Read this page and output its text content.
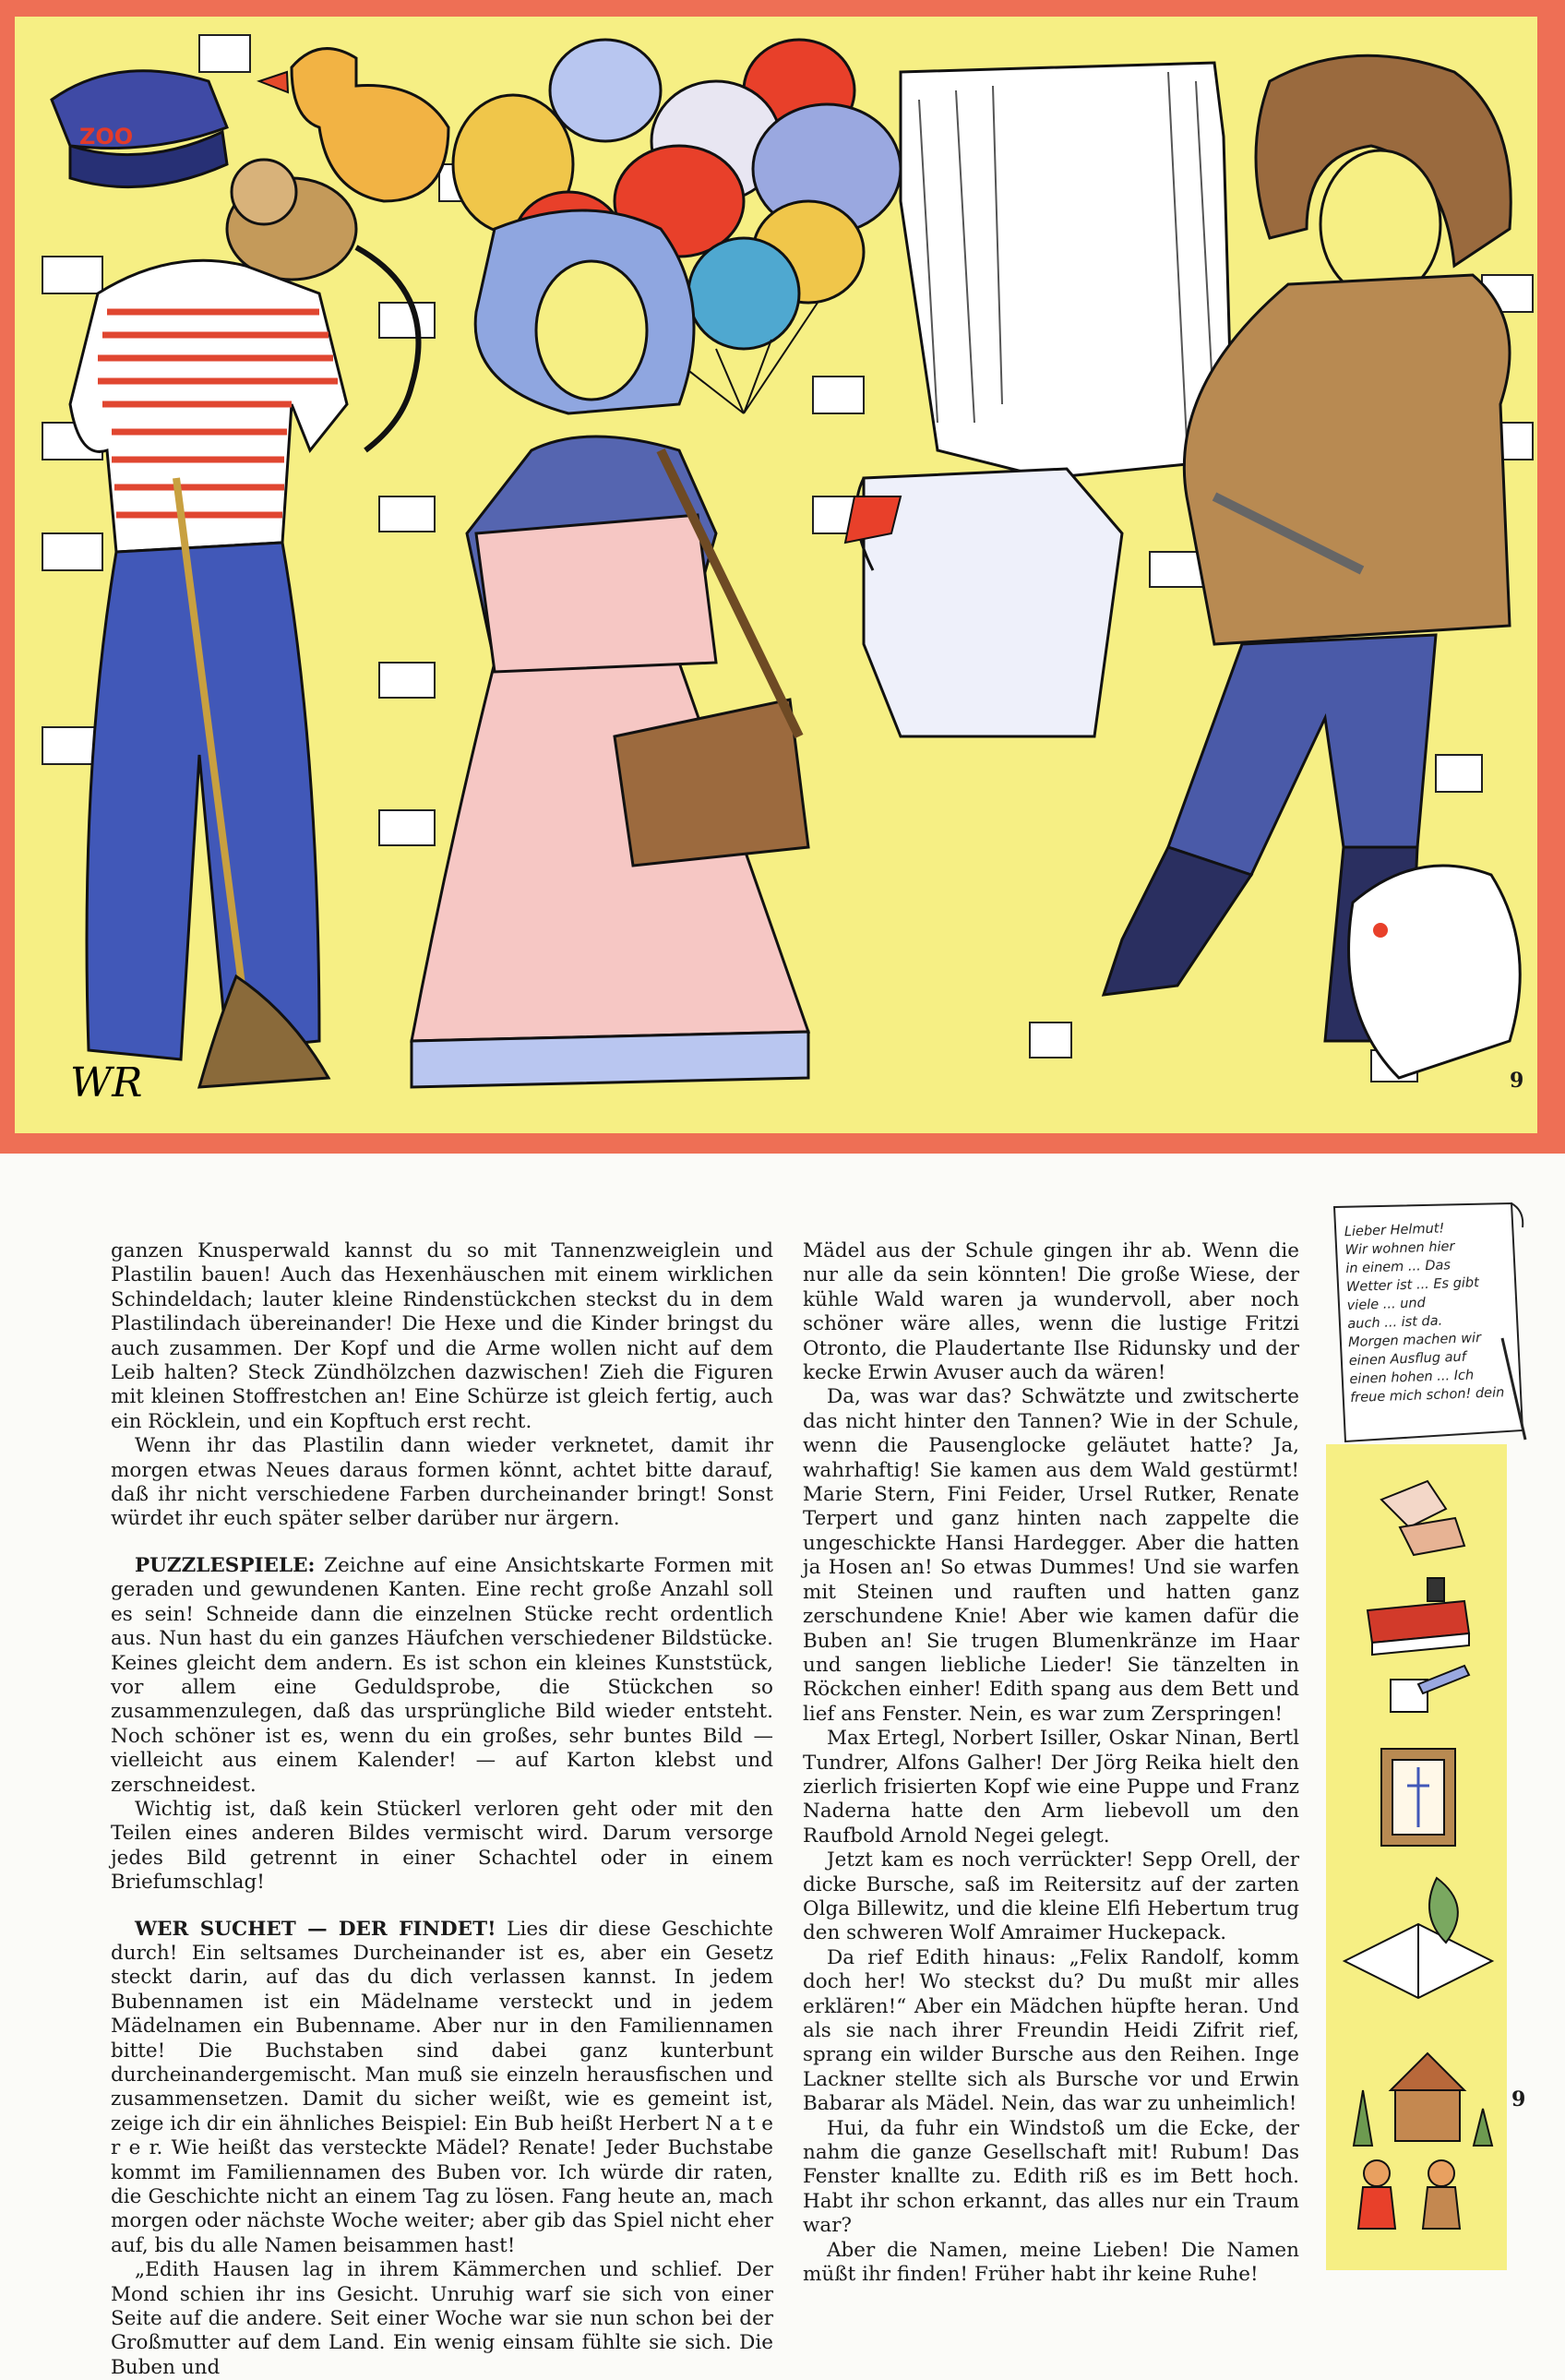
ZOO
WR	9
Lieber Helmut!
Wir wohnen hier
in einem ... Das
Wetter ist ... Es gibt
viele ... und
auch ... ist da.
Morgen machen wir
einen Ausflug auf
einen hohen ... Ich
freue mich schon! dein

ganzen Knusperwald kannst du so mit Tannenzweiglein und Plastilin bauen! Auch das Hexenhäuschen mit einem wirklichen Schindeldach; lauter kleine Rindenstückchen steckst du in dem Plastilindach übereinander! Die Hexe und die Kinder bringst du auch zusammen. Der Kopf und die Arme wollen nicht auf dem Leib halten? Steck Zündhölzchen dazwischen! Zieh die Figuren mit kleinen Stoffrestchen an! Eine Schürze ist gleich fertig, auch ein Röcklein, und ein Kopftuch erst recht.

Wenn ihr das Plastilin dann wieder verknetet, damit ihr morgen etwas Neues daraus formen könnt, achtet bitte darauf, daß ihr nicht verschiedene Farben durcheinander bringt! Sonst würdet ihr euch später selber darüber nur ärgern.

PUZZLESPIELE: Zeichne auf eine Ansichtskarte Formen mit geraden und gewundenen Kanten. Eine recht große Anzahl soll es sein! Schneide dann die einzelnen Stücke recht ordentlich aus. Nun hast du ein ganzes Häufchen verschiedener Bildstücke. Keines gleicht dem andern. Es ist schon ein kleines Kunststück, vor allem eine Geduldsprobe, die Stückchen so zusammenzulegen, daß das ursprüngliche Bild wieder entsteht. Noch schöner ist es, wenn du ein großes, sehr buntes Bild — vielleicht aus einem Kalender! — auf Karton klebst und zerschneidest.

Wichtig ist, daß kein Stückerl verloren geht oder mit den Teilen eines anderen Bildes vermischt wird. Darum versorge jedes Bild getrennt in einer Schachtel oder in einem Briefumschlag!

WER SUCHET — DER FINDET! Lies dir diese Geschichte durch! Ein seltsames Durcheinander ist es, aber ein Gesetz steckt darin, auf das du dich verlassen kannst. In jedem Bubennamen ist ein Mädelname versteckt und in jedem Mädelnamen ein Bubenname. Aber nur in den Familiennamen bitte! Die Buchstaben sind dabei ganz kunterbunt durcheinandergemischt. Man muß sie einzeln herausfischen und zusammensetzen. Damit du sicher weißt, wie es gemeint ist, zeige ich dir ein ähnliches Beispiel: Ein Bub heißt Herbert N a t e r e r. Wie heißt das versteckte Mädel? Renate! Jeder Buchstabe kommt im Familiennamen des Buben vor. Ich würde dir raten, die Geschichte nicht an einem Tag zu lösen. Fang heute an, mach morgen oder nächste Woche weiter; aber gib das Spiel nicht eher auf, bis du alle Namen beisammen hast!

„Edith Hausen lag in ihrem Kämmerchen und schlief. Der Mond schien ihr ins Gesicht. Unruhig warf sie sich von einer Seite auf die andere. Seit einer Woche war sie nun schon bei der Großmutter auf dem Land. Ein wenig einsam fühlte sie sich. Die Buben und

Mädel aus der Schule gingen ihr ab. Wenn die nur alle da sein könnten! Die große Wiese, der kühle Wald waren ja wundervoll, aber noch schöner wäre alles, wenn die lustige Fritzi Otronto, die Plaudertante Ilse Ridunsky und der kecke Erwin Avuser auch da wären!

Da, was war das? Schwätzte und zwitscherte das nicht hinter den Tannen? Wie in der Schule, wenn die Pausenglocke geläutet hatte? Ja, wahrhaftig! Sie kamen aus dem Wald gestürmt! Marie Stern, Fini Feider, Ursel Rutker, Renate Terpert und ganz hinten nach zappelte die ungeschickte Hansi Hardegger. Aber die hatten ja Hosen an! So etwas Dummes! Und sie warfen mit Steinen und rauften und hatten ganz zerschundene Knie! Aber wie kamen dafür die Buben an! Sie trugen Blumenkränze im Haar und sangen liebliche Lieder! Sie tänzelten in Röckchen einher! Edith spang aus dem Bett und lief ans Fenster. Nein, es war zum Zerspringen!

Max Ertegl, Norbert Isiller, Oskar Ninan, Bertl Tundrer, Alfons Galher! Der Jörg Reika hielt den zierlich frisierten Kopf wie eine Puppe und Franz Naderna hatte den Arm liebevoll um den Raufbold Arnold Negei gelegt.

Jetzt kam es noch verrückter! Sepp Orell, der dicke Bursche, saß im Reitersitz auf der zarten Olga Billewitz, und die kleine Elfi Hebertum trug den schweren Wolf Amraimer Huckepack.

Da rief Edith hinaus: „Felix Randolf, komm doch her! Wo steckst du? Du mußt mir alles erklären!“ Aber ein Mädchen hüpfte heran. Und als sie nach ihrer Freundin Heidi Zifrit rief, sprang ein wilder Bursche aus den Reihen. Inge Lackner stellte sich als Bursche vor und Erwin Babarar als Mädel. Nein, das war zu unheimlich!

Hui, da fuhr ein Windstoß um die Ecke, der nahm die ganze Gesellschaft mit! Rubum! Das Fenster knallte zu. Edith riß es im Bett hoch. Habt ihr schon erkannt, das alles nur ein Traum war?

Aber die Namen, meine Lieben! Die Namen müßt ihr finden! Früher habt ihr keine Ruhe!

9
